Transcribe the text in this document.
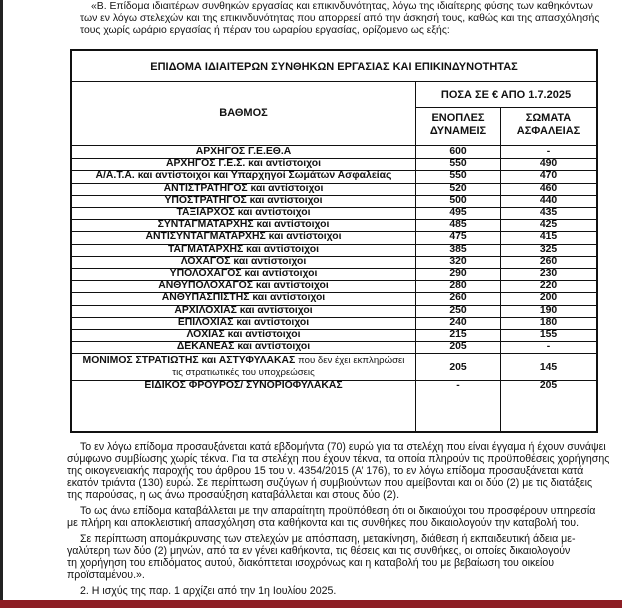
«Β. Επίδομα ιδιαιτέρων συνθηκών εργασίας και επικινδυνότητας, λόγω της ιδιαίτερης φύσης των καθηκόντων
των εν λόγω στελεχών και της επικινδυνότητας που απορρεεί από την άσκησή τους, καθώς και της απασχόλησής
τους χωρίς ωράριο εργασίας ή πέραν του ωραρίου εργασίας, ορίζομενο ως εξής:
ΕΠΙΔΟΜΑ ΙΔΙΑΙΤΕΡΩΝ ΣΥΝΘΗΚΩΝ ΕΡΓΑΣΙΑΣ ΚΑΙ ΕΠΙΚΙΝΔΥΝΟΤΗΤΑΣ
ΒΑΘΜΟΣ
ΠΟΣΑ ΣΕ € ΑΠΟ 1.7.2025
ΕΝΟΠΛΕΣ
ΔΥΝΑΜΕΙΣ
ΣΩΜΑΤΑ
ΑΣΦΑΛΕΙΑΣ
ΑΡΧΗΓΟΣ Γ.Ε.ΕΘ.Α	600	-
ΑΡΧΗΓΟΣ Γ.Ε.Σ. και αντίστοιχοι	550	490
Α/Α.Τ.Α. και αντίστοιχοι και Υπαρχηγοί Σωμάτων Ασφαλείας	550	470
ΑΝΤΙΣΤΡΑΤΗΓΟΣ και αντίστοιχοι	520	460
ΥΠΟΣΤΡΑΤΗΓΟΣ και αντίστοιχοι	500	440
ΤΑΞΙΑΡΧΟΣ και αντίστοιχοι	495	435
ΣΥΝΤΑΓΜΑΤΑΡΧΗΣ και αντίστοιχοι	485	425
ΑΝΤΙΣΥΝΤΑΓΜΑΤΑΡΧΗΣ και αντίστοιχοι	475	415
ΤΑΓΜΑΤΑΡΧΗΣ και αντίστοιχοι	385	325
ΛΟΧΑΓΟΣ και αντίστοιχοι	320	260
ΥΠΟΛΟΧΑΓΟΣ και αντίστοιχοι	290	230
ΑΝΘΥΠΟΛΟΧΑΓΟΣ και αντίστοιχοι	280	220
ΑΝΘΥΠΑΣΠΙΣΤΗΣ και αντίστοιχοι	260	200
ΑΡΧΙΛΟΧΙΑΣ και αντίστοιχοι	250	190
ΕΠΙΛΟΧΙΑΣ και αντίστοιχοι	240	180
ΛΟΧΙΑΣ και αντίστοιχοι	215	155
ΔΕΚΑΝΕΑΣ και αντίστοιχοι	205	-
ΜΟΝΙΜΟΣ ΣΤΡΑΤΙΩΤΗΣ και ΑΣΤΥΦΥΛΑΚΑΣ που δεν έχει εκπληρώσει
τις στρατιωτικές του υποχρεώσεις	205	145
ΕΙΔΙΚΟΣ ΦΡΟΥΡΟΣ/ ΣΥΝΟΡΙΟΦΥΛΑΚΑΣ	-	205
Το εν λόγω επίδομα προσαυξάνεται κατά εβδομήντα (70) ευρώ για τα στελέχη που είναι έγγαμα ή έχουν συνάψει
σύμφωνο συμβίωσης χωρίς τέκνα. Για τα στελέχη που έχουν τέκνα, τα οποία πληρούν τις προϋποθέσεις χορήγησης
της οικογενειακής παροχής του άρθρου 15 του ν. 4354/2015 (Α’ 176), το εν λόγω επίδομα προσαυξάνεται κατά
εκατόν τριάντα (130) ευρώ. Σε περίπτωση συζύγων ή συμβιούντων που αμείβονται και οι δύο (2) με τις διατάξεις
της παρούσας, η ως άνω προσαύξηση καταβάλλεται και στους δύο (2).
Το ως άνω επίδομα καταβάλλεται με την απαραίτητη προϋπόθεση ότι οι δικαιούχοι του προσφέρουν υπηρεσία
με πλήρη και αποκλειστική απασχόληση στα καθήκοντα και τις συνθήκες που δικαιολογούν την καταβολή του.
Σε περίπτωση απομάκρυνσης των στελεχών με απόσπαση, μετακίνηση, διάθεση ή εκπαιδευτική άδεια με-
γαλύτερη των δύο (2) μηνών, από τα εν γένει καθήκοντα, τις θέσεις και τις συνθήκες, οι οποίες δικαιολογούν
τη χορήγηση του επιδόματος αυτού, διακόπτεται ισοχρόνως και η καταβολή του με βεβαίωση του οικείου
προϊσταμένου.».
2. Η ισχύς της παρ. 1 αρχίζει από την 1η Ιουλίου 2025.
